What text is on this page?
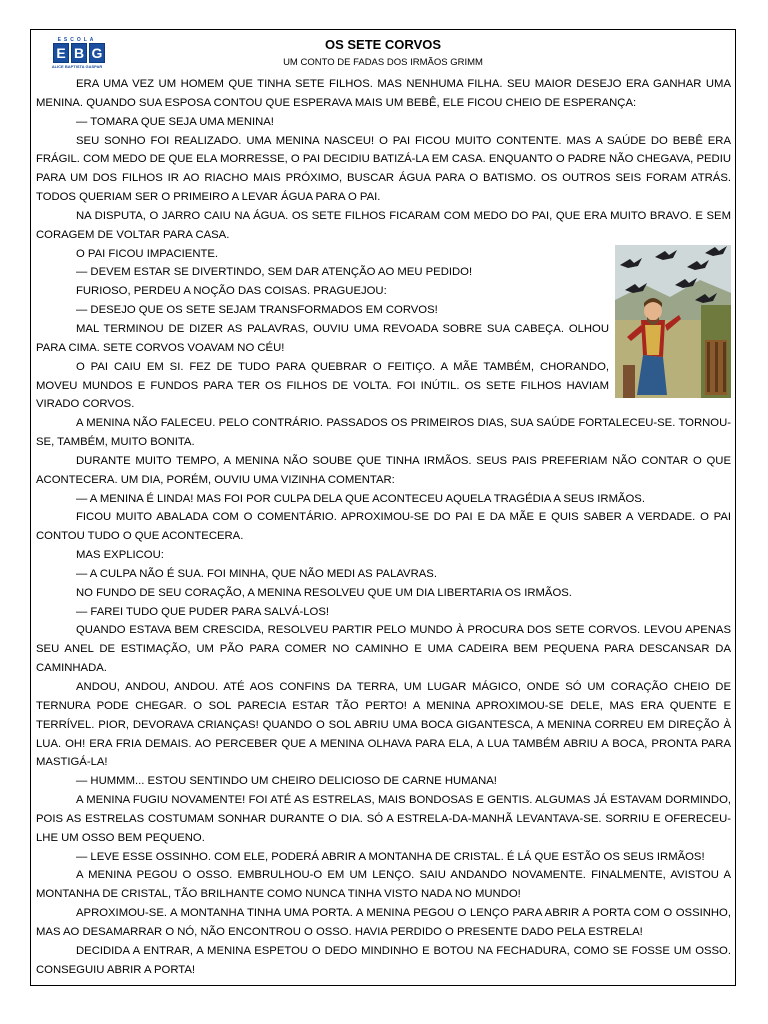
ESCOLA
E B G
ALICE BAPTISTA GASPAR
OS SETE CORVOS
UM CONTO DE FADAS DOS IRMÃOS GRIMM

ERA UMA VEZ UM HOMEM QUE TINHA SETE FILHOS. MAS NENHUMA FILHA. SEU MAIOR DESEJO ERA GANHAR UMA MENINA. QUANDO SUA ESPOSA CONTOU QUE ESPERAVA MAIS UM BEBÊ, ELE FICOU CHEIO DE ESPERANÇA:

— TOMARA QUE SEJA UMA MENINA!

SEU SONHO FOI REALIZADO. UMA MENINA NASCEU! O PAI FICOU MUITO CONTENTE. MAS A SAÚDE DO BEBÊ ERA FRÁGIL. COM MEDO DE QUE ELA MORRESSE, O PAI DECIDIU BATIZÁ-LA EM CASA. ENQUANTO O PADRE NÃO CHEGAVA, PEDIU PARA UM DOS FILHOS IR AO RIACHO MAIS PRÓXIMO, BUSCAR ÁGUA PARA O BATISMO. OS OUTROS SEIS FORAM ATRÁS. TODOS QUERIAM SER O PRIMEIRO A LEVAR ÁGUA PARA O PAI.

NA DISPUTA, O JARRO CAIU NA ÁGUA. OS SETE FILHOS FICARAM COM MEDO DO PAI, QUE ERA MUITO BRAVO. E SEM CORAGEM DE VOLTAR PARA CASA.

O PAI FICOU IMPACIENTE.

— DEVEM ESTAR SE DIVERTINDO, SEM DAR ATENÇÃO AO MEU PEDIDO!

FURIOSO, PERDEU A NOÇÃO DAS COISAS. PRAGUEJOU:

— DESEJO QUE OS SETE SEJAM TRANSFORMADOS EM CORVOS!

MAL TERMINOU DE DIZER AS PALAVRAS, OUVIU UMA REVOADA SOBRE SUA CABEÇA. OLHOU PARA CIMA. SETE CORVOS VOAVAM NO CÉU!

O PAI CAIU EM SI. FEZ DE TUDO PARA QUEBRAR O FEITIÇO. A MÃE TAMBÉM, CHORANDO, MOVEU MUNDOS E FUNDOS PARA TER OS FILHOS DE VOLTA. FOI INÚTIL. OS SETE FILHOS HAVIAM VIRADO CORVOS.

A MENINA NÃO FALECEU. PELO CONTRÁRIO. PASSADOS OS PRIMEIROS DIAS, SUA SAÚDE FORTALECEU-SE. TORNOU-SE, TAMBÉM, MUITO BONITA.

DURANTE MUITO TEMPO, A MENINA NÃO SOUBE QUE TINHA IRMÃOS. SEUS PAIS PREFERIAM NÃO CONTAR O QUE ACONTECERA. UM DIA, PORÉM, OUVIU UMA VIZINHA COMENTAR:

— A MENINA É LINDA! MAS FOI POR CULPA DELA QUE ACONTECEU AQUELA TRAGÉDIA A SEUS IRMÃOS.

FICOU MUITO ABALADA COM O COMENTÁRIO. APROXIMOU-SE DO PAI E DA MÃE E QUIS SABER A VERDADE. O PAI CONTOU TUDO O QUE ACONTECERA.

MAS EXPLICOU:

— A CULPA NÃO É SUA. FOI MINHA, QUE NÃO MEDI AS PALAVRAS.

NO FUNDO DE SEU CORAÇÃO, A MENINA RESOLVEU QUE UM DIA LIBERTARIA OS IRMÃOS.

— FAREI TUDO QUE PUDER PARA SALVÁ-LOS!

QUANDO ESTAVA BEM CRESCIDA, RESOLVEU PARTIR PELO MUNDO À PROCURA DOS SETE CORVOS. LEVOU APENAS SEU ANEL DE ESTIMAÇÃO, UM PÃO PARA COMER NO CAMINHO E UMA CADEIRA BEM PEQUENA PARA DESCANSAR DA CAMINHADA.

ANDOU, ANDOU, ANDOU. ATÉ AOS CONFINS DA TERRA, UM LUGAR MÁGICO, ONDE SÓ UM CORAÇÃO CHEIO DE TERNURA PODE CHEGAR. O SOL PARECIA ESTAR TÃO PERTO! A MENINA APROXIMOU-SE DELE, MAS ERA QUENTE E TERRÍVEL. PIOR, DEVORAVA CRIANÇAS! QUANDO O SOL ABRIU UMA BOCA GIGANTESCA, A MENINA CORREU EM DIREÇÃO À LUA. OH! ERA FRIA DEMAIS. AO PERCEBER QUE A MENINA OLHAVA PARA ELA, A LUA TAMBÉM ABRIU A BOCA, PRONTA PARA MASTIGÁ-LA!

— HUMMM... ESTOU SENTINDO UM CHEIRO DELICIOSO DE CARNE HUMANA!

A MENINA FUGIU NOVAMENTE! FOI ATÉ AS ESTRELAS, MAIS BONDOSAS E GENTIS. ALGUMAS JÁ ESTAVAM DORMINDO, POIS AS ESTRELAS COSTUMAM SONHAR DURANTE O DIA. SÓ A ESTRELA-DA-MANHÃ LEVANTAVA-SE. SORRIU E OFERECEU-LHE UM OSSO BEM PEQUENO.

— LEVE ESSE OSSINHO. COM ELE, PODERÁ ABRIR A MONTANHA DE CRISTAL. É LÁ QUE ESTÃO OS SEUS IRMÃOS!

A MENINA PEGOU O OSSO. EMBRULHOU-O EM UM LENÇO. SAIU ANDANDO NOVAMENTE. FINALMENTE, AVISTOU A MONTANHA DE CRISTAL, TÃO BRILHANTE COMO NUNCA TINHA VISTO NADA NO MUNDO!

APROXIMOU-SE. A MONTANHA TINHA UMA PORTA. A MENINA PEGOU O LENÇO PARA ABRIR A PORTA COM O OSSINHO, MAS AO DESAMARRAR O NÓ, NÃO ENCONTROU O OSSO. HAVIA PERDIDO O PRESENTE DADO PELA ESTRELA!

DECIDIDA A ENTRAR, A MENINA ESPETOU O DEDO MINDINHO E BOTOU NA FECHADURA, COMO SE FOSSE UM OSSO. CONSEGUIU ABRIR A PORTA!
